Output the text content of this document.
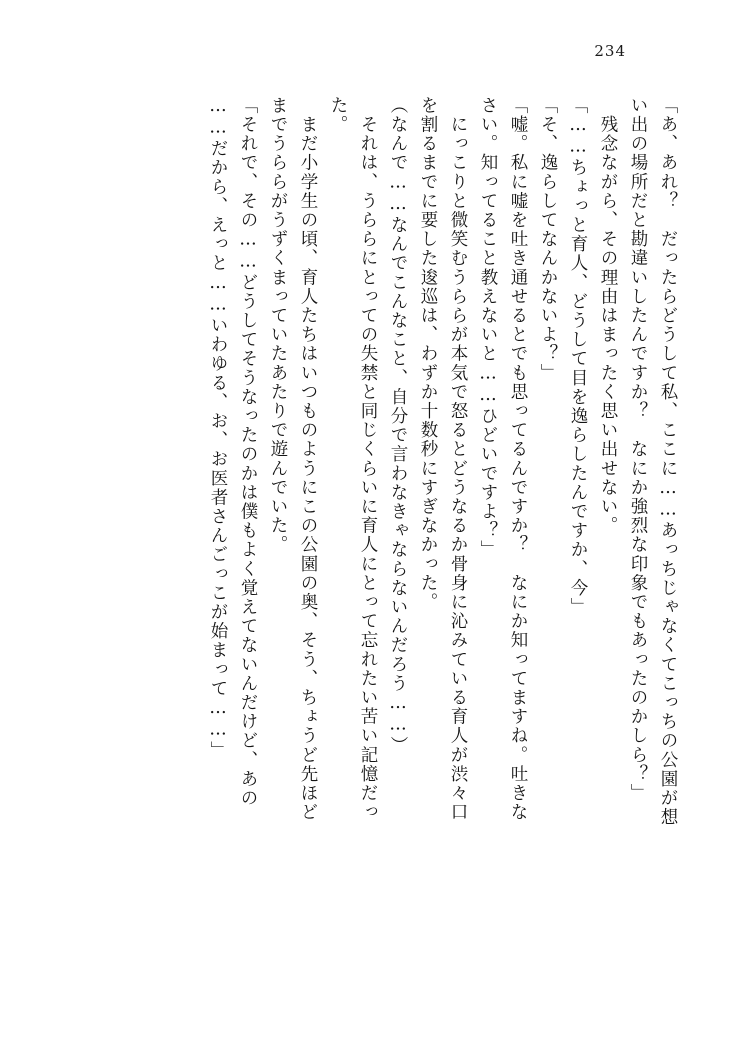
234
「あ、あれ？　だったらどうして私、ここに……あっちじゃなくてこっちの公園が想
い出の場所だと勘違いしたんですか？　なにか強烈な印象でもあったのかしら？」
　残念ながら、その理由はまったく思い出せない。
「……ちょっと育人、どうして目を逸らしたんですか、今」
「そ、逸らしてなんかないよ？」
「嘘。私に嘘を吐き通せるとでも思ってるんですか？　なにか知ってますね。吐きな
さい。知ってること教えないと……ひどいですよ？」
　にっこりと微笑むうららが本気で怒るとどうなるか骨身に沁みている育人が渋々口
を割るまでに要した逡巡は、わずか十数秒にすぎなかった。
（なんで……なんでこんなこと、自分で言わなきゃならないんだろう……）
　それは、うららにとっての失禁と同じくらいに育人にとって忘れたい苦い記憶だっ
た。
　まだ小学生の頃、育人たちはいつものようにこの公園の奥、そう、ちょうど先ほど
までうららがうずくまっていたあたりで遊んでいた。
「それで、その……どうしてそうなったのかは僕もよく覚えてないんだけど、あの
……だから、えっと……いわゆる、お、お医者さんごっこが始まって……」
